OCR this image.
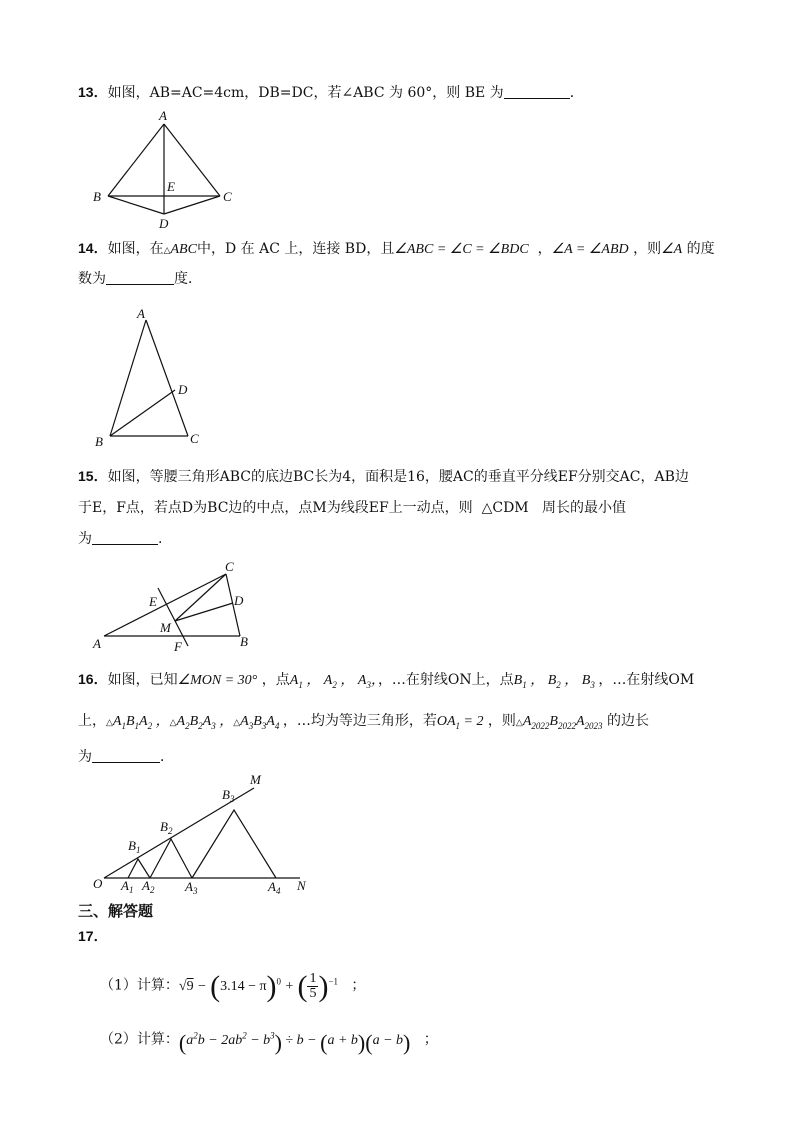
13．如图，AB=AC=4cm，DB=DC，若∠ABC 为 60°，则 BE 为	．
A
B	C
D
E
14．如图，在△ABC中，D 在 AC 上，连接 BD，且∠ABC = ∠C = ∠BDC ，∠A = ∠ABD ，则∠A 的度
数为	度．
A
B	C
D
15．如图，等腰三角形ABC的底边BC长为4，面积是16，腰AC的垂直平分线EF分别交AC，AB边
于E，F点，若点D为BC边的中点，点M为线段EF上一动点，则 △CDM 周长的最小值
为	.
C
A	B
D
E
F
M
16．如图，已知∠MON = 30° ，点$A_1$ ， $A_2$ ， $A_3$，，…在射线ON上，点$B_1$ ， $B_2$ ， $B_3$ ，…在射线OM
上，$\triangle A_1B_1A_2$ ，$\triangle A_2B_2A_3$ ，$\triangle A_3B_3A_4$ ，…均为等边三角形，若$OA_1 = 2$ ，则$\triangle A_{2022}B_{2022}A_{2023}$ 的边长
为	．
O	N
M
$A_1$ $A_2$ $A_3$	$A_4$
$B_1$
$B_2$
$B_3$
三、解答题
17．
（1）计算：$√9 - (3.14 - \pi)^0$ + ( $\frac{1}{5} )^{-1}$ ；
（2）计算：$(a^2b - 2ab^2 - b^3) \div b - (a + b)(a - b)$ ；
